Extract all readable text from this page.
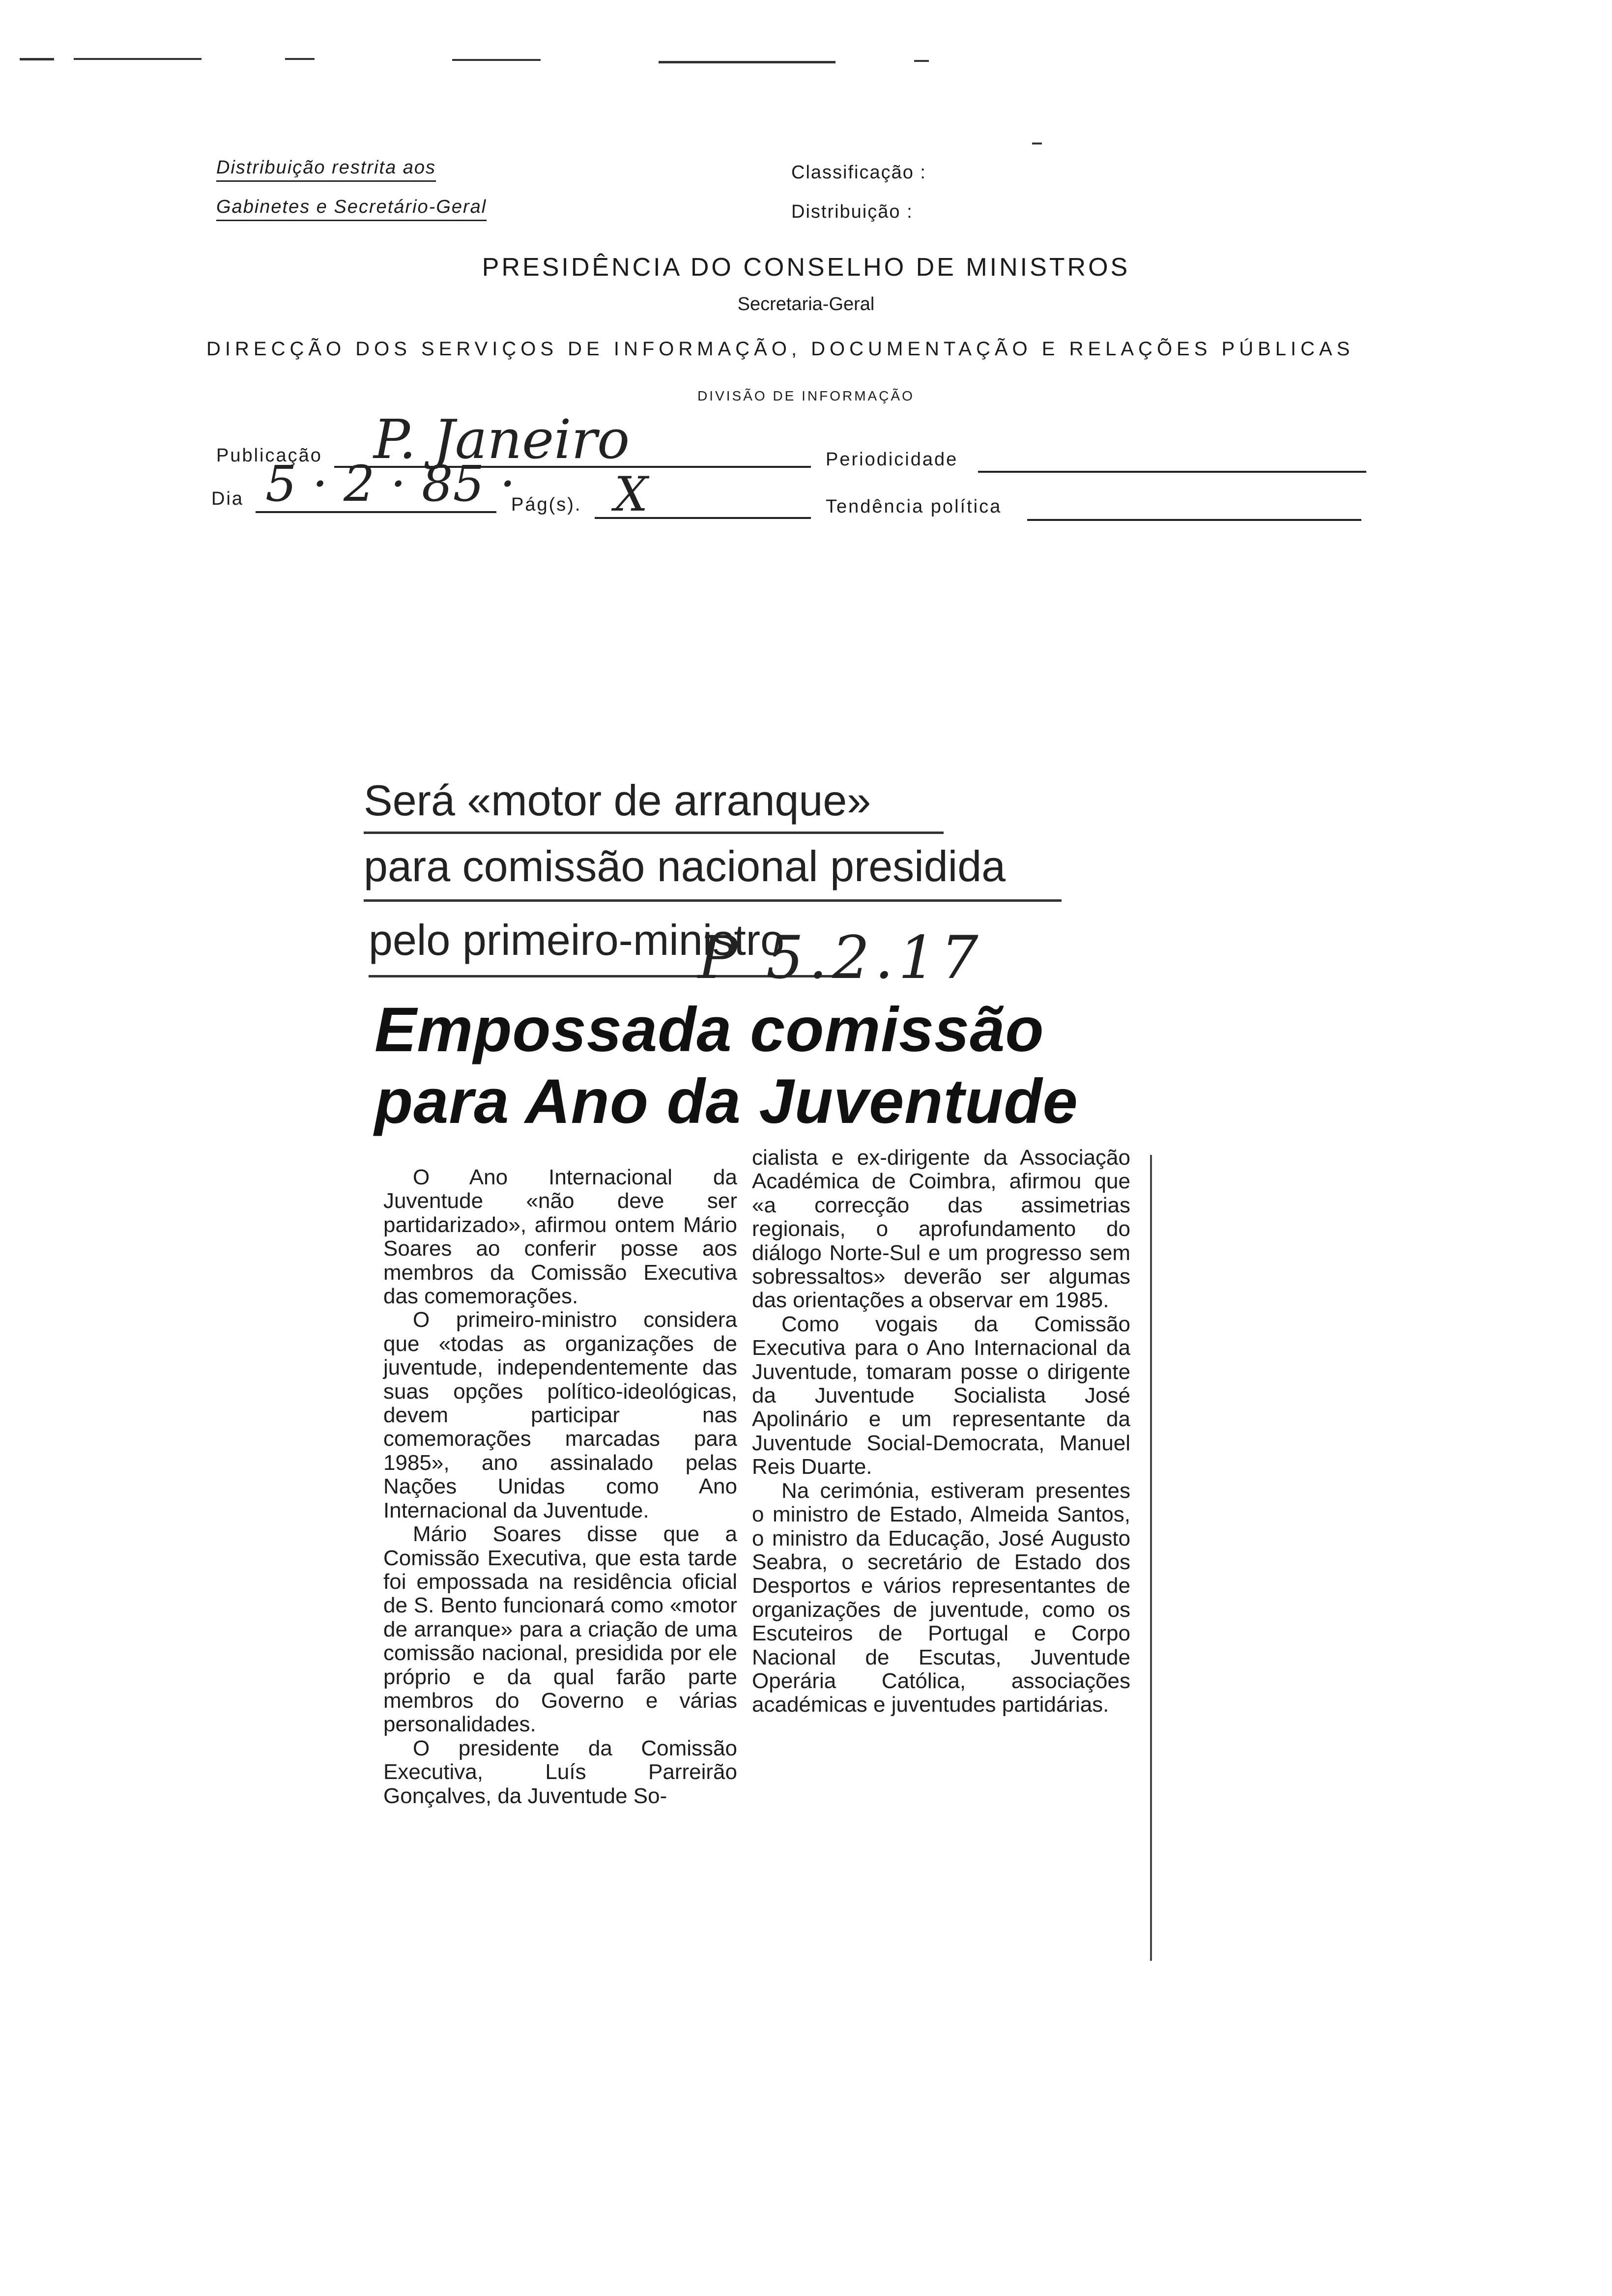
Distribuição restrita aos
Gabinetes e Secretário-Geral
Classificação :
Distribuição :
PRESIDÊNCIA DO CONSELHO DE MINISTROS
Secretaria-Geral
DIRECÇÃO DOS SERVIÇOS DE INFORMAÇÃO, DOCUMENTAÇÃO E RELAÇÕES PÚBLICAS
DIVISÃO DE INFORMAÇÃO
Publicação P. Janeiro	Periodicidade
Dia 5 · 2 · 85 ·
Pág(s). X	Tendência política
Será «motor de arranque»
para comissão nacional presidida
pelo primeiro-ministro
P 5.2.17
Empossada comissão
para Ano da Juventude

O Ano Internacional da Juventude «não deve ser partidarizado», afirmou ontem Mário Soares ao conferir posse aos membros da Comissão Executiva das comemorações.

O primeiro-ministro considera que «todas as organizações de juventude, independentemente das suas opções político-ideológicas, devem participar nas comemorações marcadas para 1985», ano assinalado pelas Nações Unidas como Ano Internacional da Juventude.

Mário Soares disse que a Comissão Executiva, que esta tarde foi empossada na residência oficial de S. Bento funcionará como «motor de arranque» para a criação de uma comissão nacional, presidida por ele próprio e da qual farão parte membros do Governo e várias personalidades.

O presidente da Comissão Executiva, Luís Parreirão Gonçalves, da Juventude So-

cialista e ex-dirigente da Associação Académica de Coimbra, afirmou que «a correcção das assimetrias regionais, o aprofundamento do diálogo Norte-Sul e um progresso sem sobressaltos» deverão ser algumas das orientações a observar em 1985.

Como vogais da Comissão Executiva para o Ano Internacional da Juventude, tomaram posse o dirigente da Juventude Socialista José Apolinário e um representante da Juventude Social-Democrata, Manuel Reis Duarte.

Na cerimónia, estiveram presentes o ministro de Estado, Almeida Santos, o ministro da Educação, José Augusto Seabra, o secretário de Estado dos Desportos e vários representantes de organizações de juventude, como os Escuteiros de Portugal e Corpo Nacional de Escutas, Juventude Operária Católica, associações académicas e juventudes partidárias.
